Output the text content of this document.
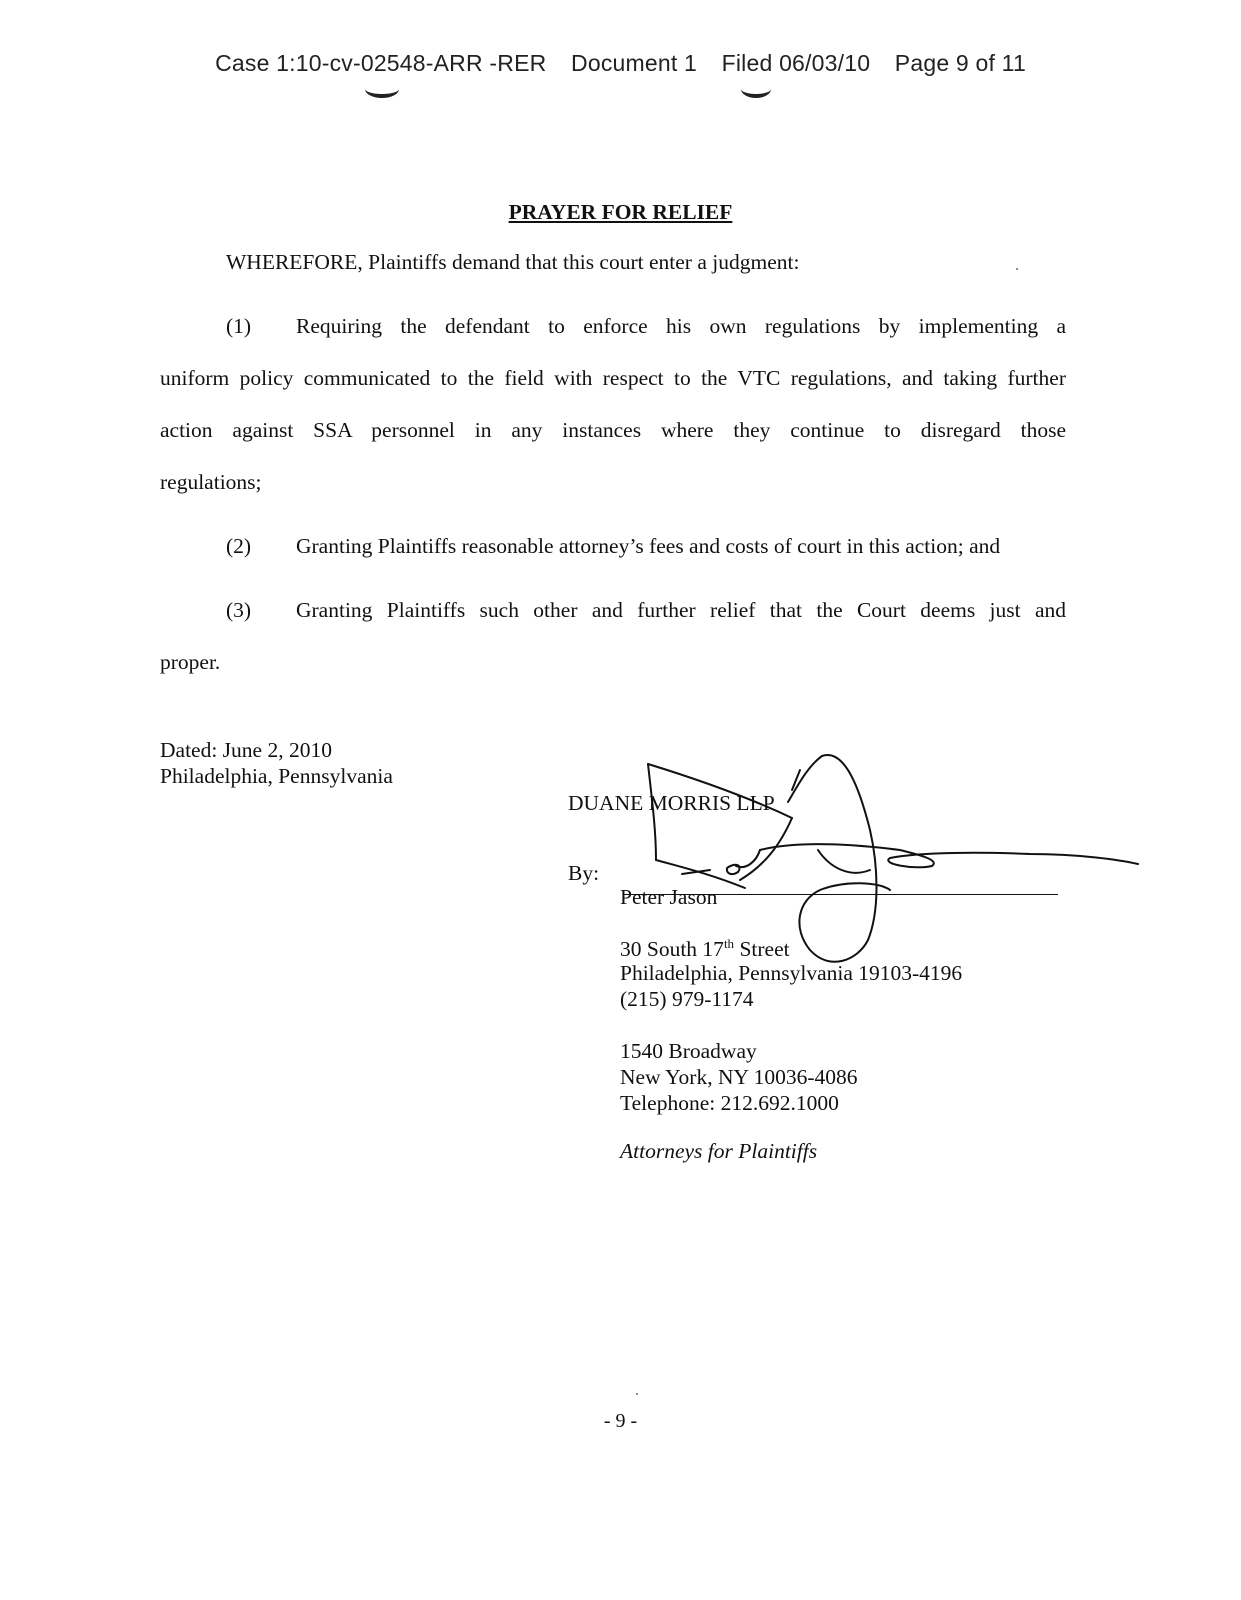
Case 1:10-cv-02548-ARR -RER Document 1 Filed 06/03/10 Page 9 of 11
PRAYER FOR RELIEF
WHEREFORE, Plaintiffs demand that this court enter a judgment:
(1) Requiring the defendant to enforce his own regulations by implementing a
uniform policy communicated to the field with respect to the VTC regulations, and taking further
action against SSA personnel in any instances where they continue to disregard those
regulations;
(2) Granting Plaintiffs reasonable attorney’s fees and costs of court in this action; and
(3) Granting Plaintiffs such other and further relief that the Court deems just and
proper.
Dated: June 2, 2010
Philadelphia, Pennsylvania
DUANE MORRIS LLP
By:
Peter Jason
30 South 17th Street
Philadelphia, Pennsylvania 19103-4196
(215) 979-1174
1540 Broadway
New York, NY 10036-4086
Telephone: 212.692.1000
Attorneys for Plaintiffs
- 9 -
